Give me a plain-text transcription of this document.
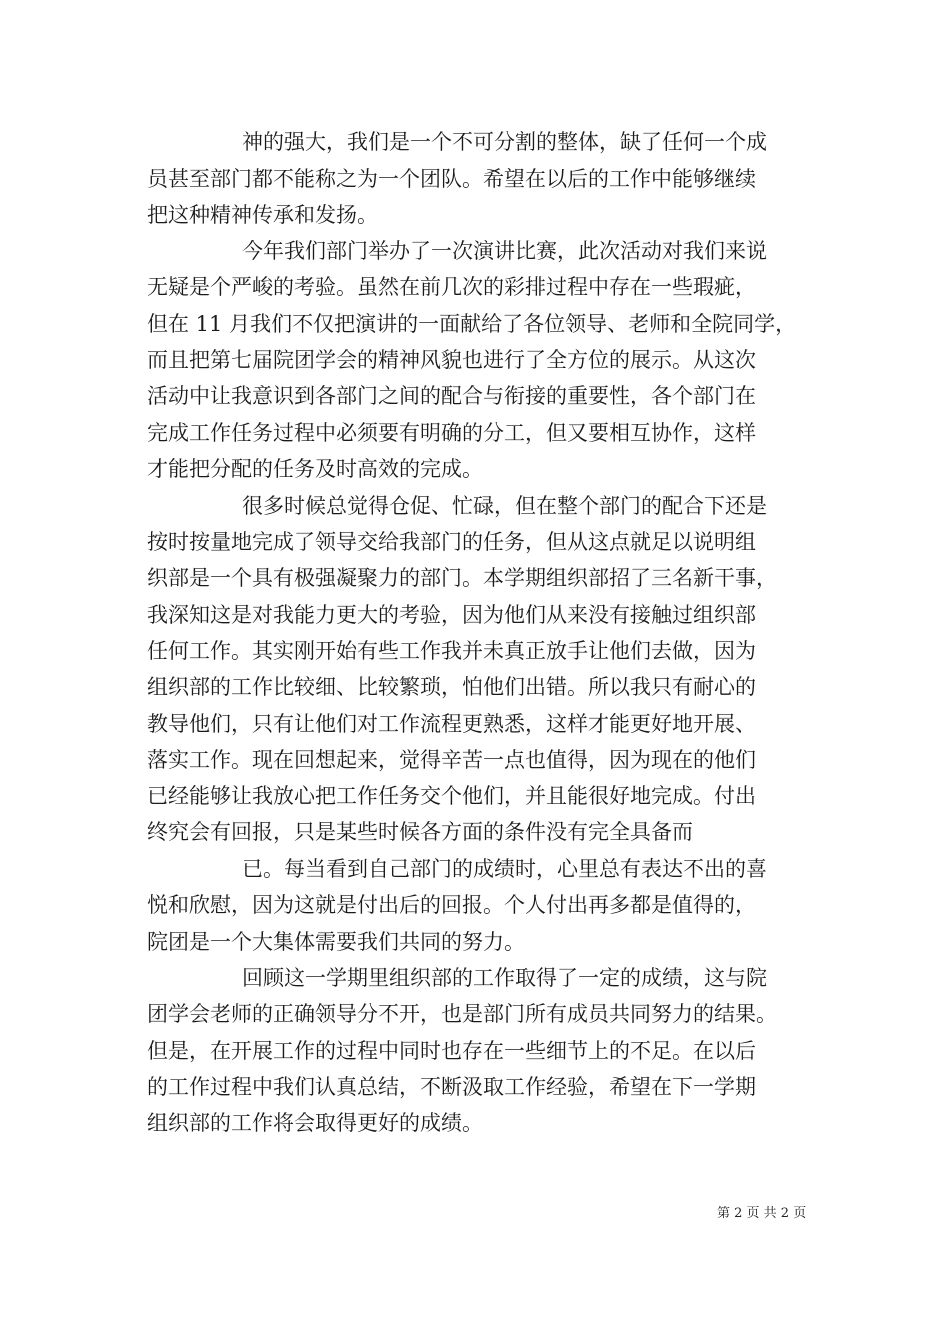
神的强大，我们是一个不可分割的整体，缺了任何一个成
员甚至部门都不能称之为一个团队。希望在以后的工作中能够继续
把这种精神传承和发扬。
今年我们部门举办了一次演讲比赛，此次活动对我们来说
无疑是个严峻的考验。虽然在前几次的彩排过程中存在一些瑕疵，
但在 11 月我们不仅把演讲的一面献给了各位领导、老师和全院同学，
而且把第七届院团学会的精神风貌也进行了全方位的展示。从这次
活动中让我意识到各部门之间的配合与衔接的重要性，各个部门在
完成工作任务过程中必须要有明确的分工，但又要相互协作，这样
才能把分配的任务及时高效的完成。
很多时候总觉得仓促、忙碌，但在整个部门的配合下还是
按时按量地完成了领导交给我部门的任务，但从这点就足以说明组
织部是一个具有极强凝聚力的部门。本学期组织部招了三名新干事，
我深知这是对我能力更大的考验，因为他们从来没有接触过组织部
任何工作。其实刚开始有些工作我并未真正放手让他们去做，因为
组织部的工作比较细、比较繁琐，怕他们出错。所以我只有耐心的
教导他们，只有让他们对工作流程更熟悉，这样才能更好地开展、
落实工作。现在回想起来，觉得辛苦一点也值得，因为现在的他们
已经能够让我放心把工作任务交个他们，并且能很好地完成。付出
终究会有回报，只是某些时候各方面的条件没有完全具备而
已。每当看到自己部门的成绩时，心里总有表达不出的喜
悦和欣慰，因为这就是付出后的回报。个人付出再多都是值得的，
院团是一个大集体需要我们共同的努力。
回顾这一学期里组织部的工作取得了一定的成绩，这与院
团学会老师的正确领导分不开，也是部门所有成员共同努力的结果。
但是，在开展工作的过程中同时也存在一些细节上的不足。在以后
的工作过程中我们认真总结，不断汲取工作经验，希望在下一学期
组织部的工作将会取得更好的成绩。
第 2 页 共 2 页
